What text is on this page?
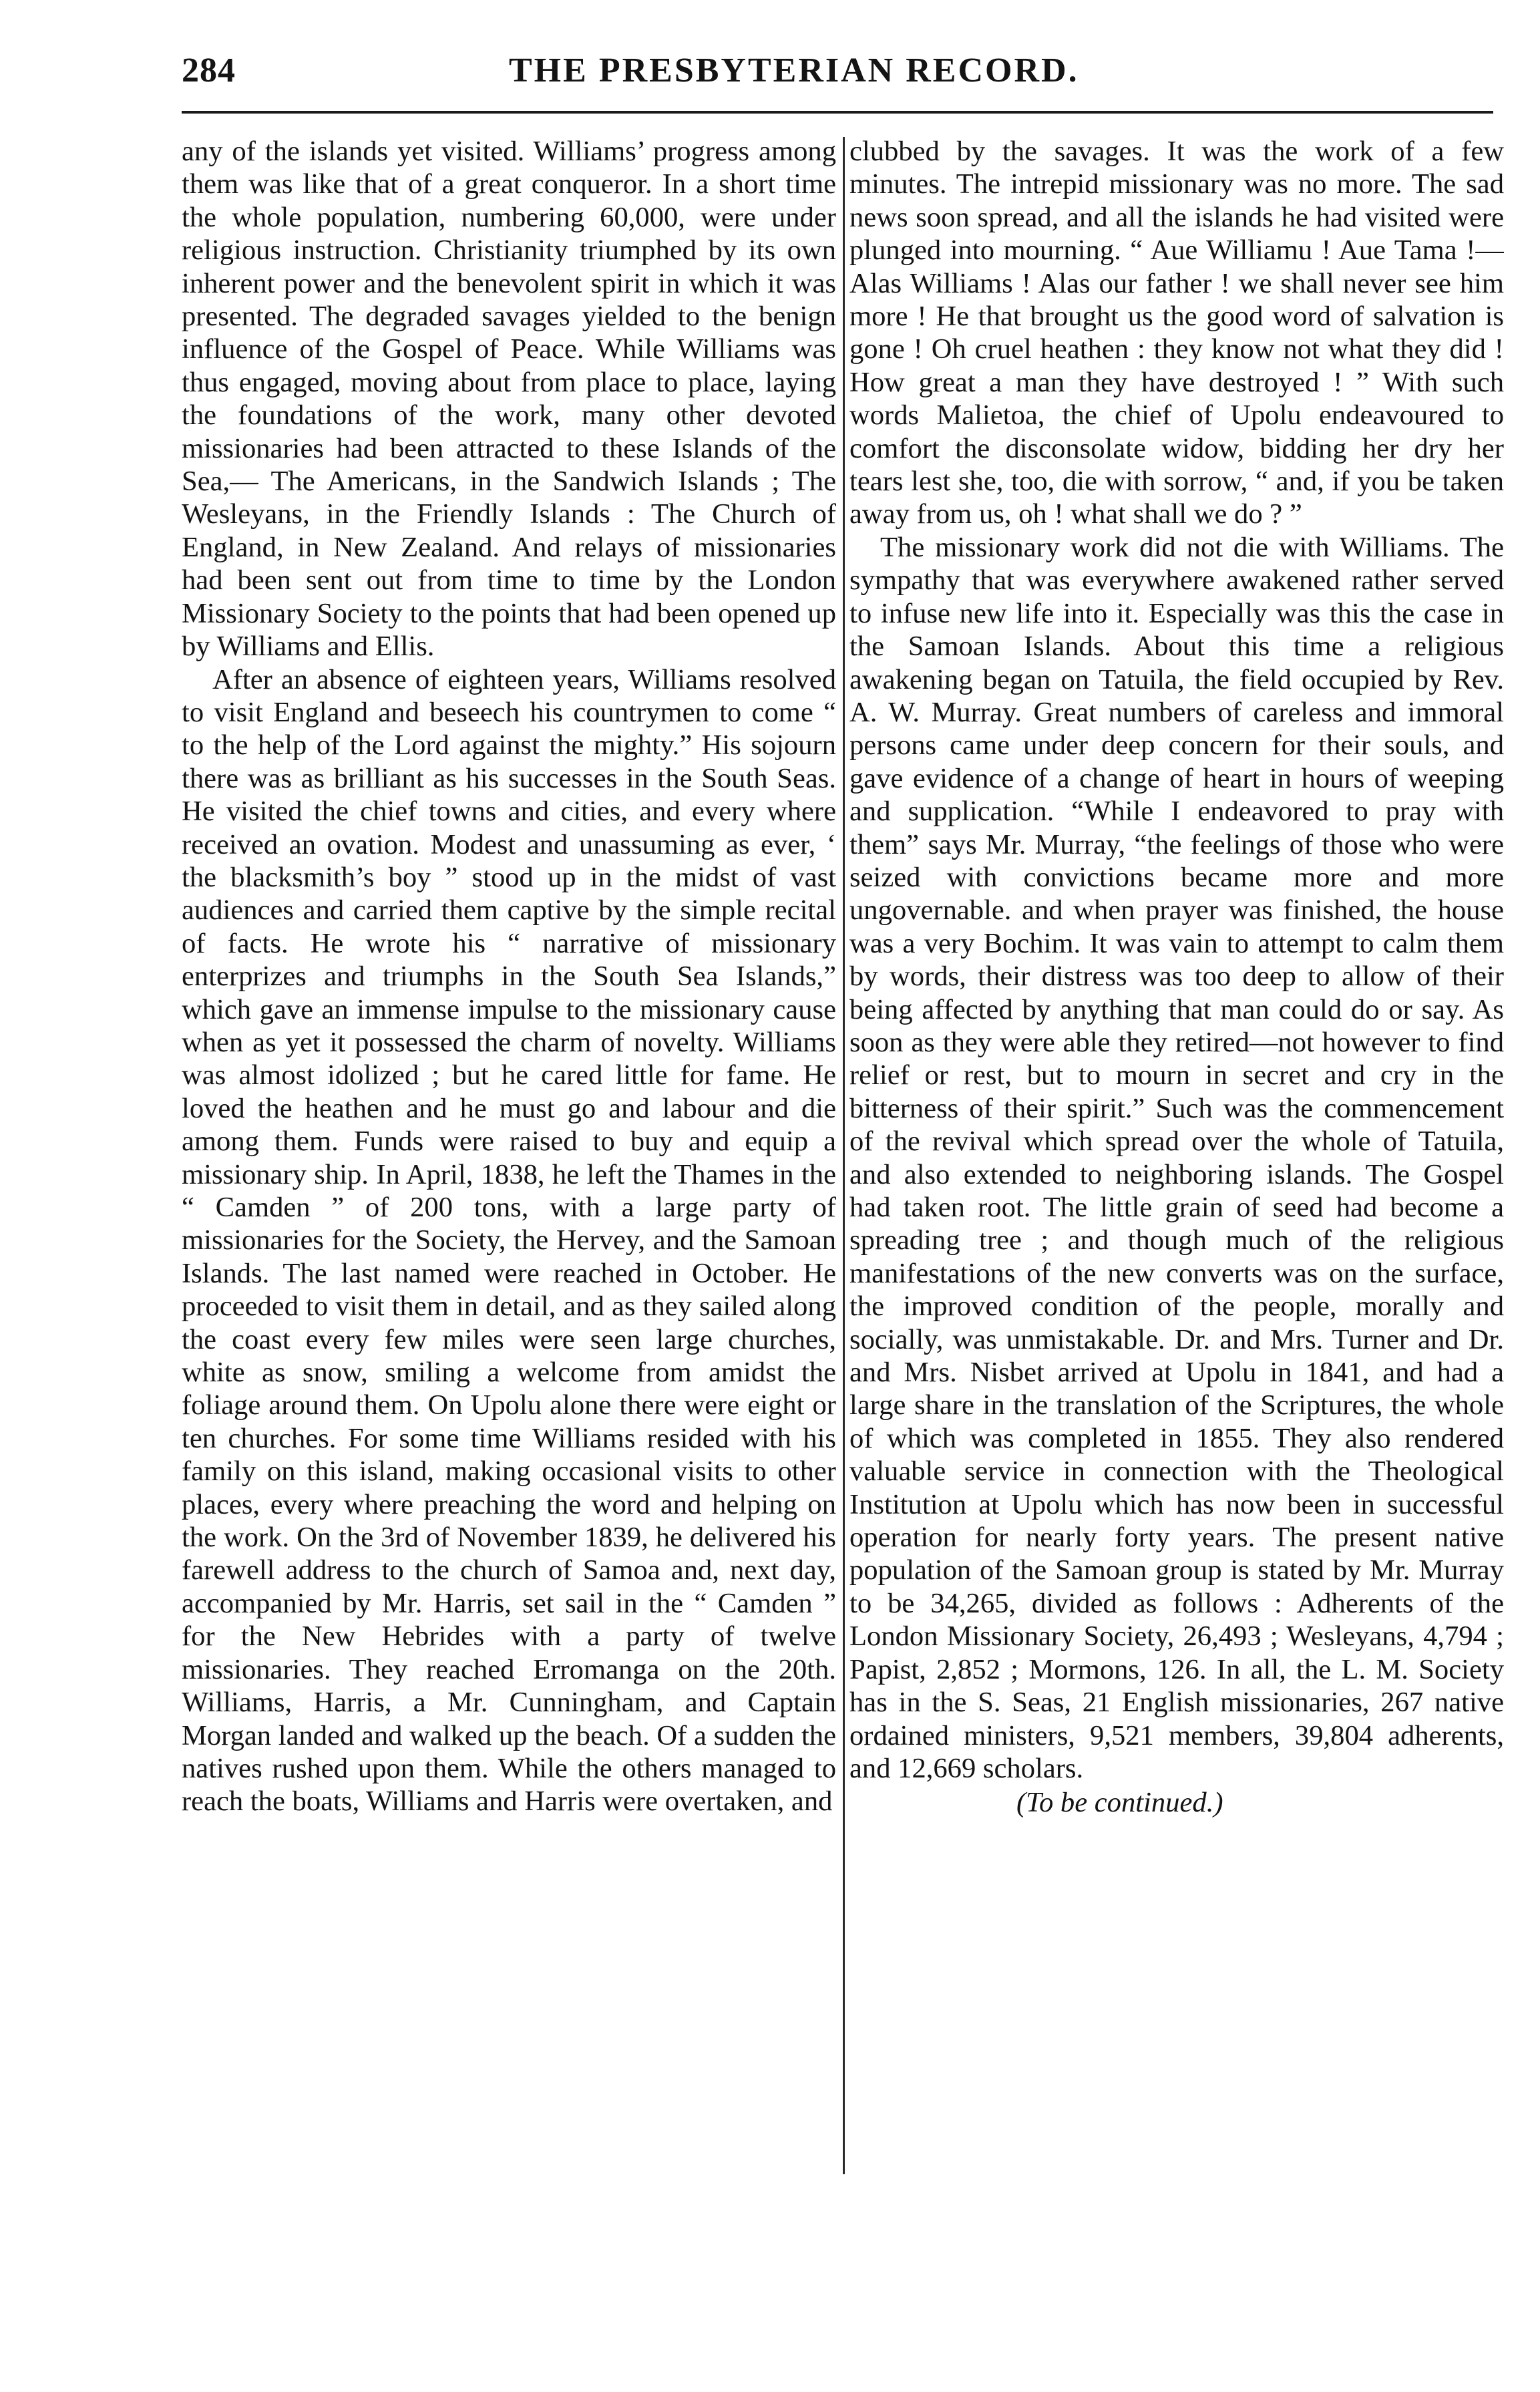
284	THE PRESBYTERIAN RECORD.

any of the islands yet visited. Williams’ progress among them was like that of a great conqueror. In a short time the whole population, numbering 60,000, were under religious instruction. Christianity triumphed by its own inherent power and the benevolent spirit in which it was presented. The degraded savages yielded to the benign influence of the Gospel of Peace. While Williams was thus engaged, moving about from place to place, laying the foundations of the work, many other devoted missionaries had been attracted to these Islands of the Sea,— The Americans, in the Sandwich Islands ; The Wesleyans, in the Friendly Islands : The Church of England, in New Zealand. And relays of missionaries had been sent out from time to time by the London Missionary Society to the points that had been opened up by Williams and Ellis.

After an absence of eighteen years, Williams resolved to visit England and beseech his countrymen to come “ to the help of the Lord against the mighty.” His sojourn there was as brilliant as his successes in the South Seas. He visited the chief towns and cities, and every where received an ovation. Modest and unassuming as ever, ‘ the blacksmith’s boy ” stood up in the midst of vast audiences and carried them captive by the simple recital of facts. He wrote his “ narrative of missionary enterprizes and triumphs in the South Sea Islands,” which gave an immense impulse to the missionary cause when as yet it possessed the charm of novelty. Williams was almost idolized ; but he cared little for fame. He loved the heathen and he must go and labour and die among them. Funds were raised to buy and equip a missionary ship. In April, 1838, he left the Thames in the “ Camden ” of 200 tons, with a large party of missionaries for the Society, the Hervey, and the Samoan Islands. The last named were reached in October. He proceeded to visit them in detail, and as they sailed along the coast every few miles were seen large churches, white as snow, smiling a welcome from amidst the foliage around them. On Upolu alone there were eight or ten churches. For some time Williams resided with his family on this island, making occasional visits to other places, every where preaching the word and helping on the work. On the 3rd of November 1839, he delivered his farewell address to the church of Samoa and, next day, accompanied by Mr. Harris, set sail in the “ Camden ” for the New Hebrides with a party of twelve missionaries. They reached Erromanga on the 20th. Williams, Harris, a Mr. Cunningham, and Captain Morgan landed and walked up the beach. Of a sudden the natives rushed upon them. While the others managed to reach the boats, Williams and Harris were overtaken, and

clubbed by the savages. It was the work of a few minutes. The intrepid missionary was no more. The sad news soon spread, and all the islands he had visited were plunged into mourning. “ Aue Williamu ! Aue Tama !— Alas Williams ! Alas our father ! we shall never see him more ! He that brought us the good word of salvation is gone ! Oh cruel heathen : they know not what they did ! How great a man they have destroyed ! ” With such words Malietoa, the chief of Upolu endeavoured to comfort the disconsolate widow, bidding her dry her tears lest she, too, die with sorrow, “ and, if you be taken away from us, oh ! what shall we do ? ”

The missionary work did not die with Williams. The sympathy that was everywhere awakened rather served to infuse new life into it. Especially was this the case in the Samoan Islands. About this time a religious awakening began on Tatuila, the field occupied by Rev. A. W. Murray. Great numbers of careless and immoral persons came under deep concern for their souls, and gave evidence of a change of heart in hours of weeping and supplication. “While I endeavored to pray with them” says Mr. Murray, “the feelings of those who were seized with convictions became more and more ungovernable. and when prayer was finished, the house was a very Bochim. It was vain to attempt to calm them by words, their distress was too deep to allow of their being affected by anything that man could do or say. As soon as they were able they retired—not however to find relief or rest, but to mourn in secret and cry in the bitterness of their spirit.” Such was the commencement of the revival which spread over the whole of Tatuila, and also extended to neighboring islands. The Gospel had taken root. The little grain of seed had become a spreading tree ; and though much of the religious manifestations of the new converts was on the surface, the improved condition of the people, morally and socially, was unmistakable. Dr. and Mrs. Turner and Dr. and Mrs. Nisbet arrived at Upolu in 1841, and had a large share in the translation of the Scriptures, the whole of which was completed in 1855. They also rendered valuable service in connection with the Theological Institution at Upolu which has now been in successful operation for nearly forty years. The present native population of the Samoan group is stated by Mr. Murray to be 34,265, divided as follows : Adherents of the London Missionary Society, 26,493 ; Wesleyans, 4,794 ; Papist, 2,852 ; Mormons, 126. In all, the L. M. Society has in the S. Seas, 21 English missionaries, 267 native ordained ministers, 9,521 members, 39,804 adherents, and 12,669 scholars.

(To be continued.)
